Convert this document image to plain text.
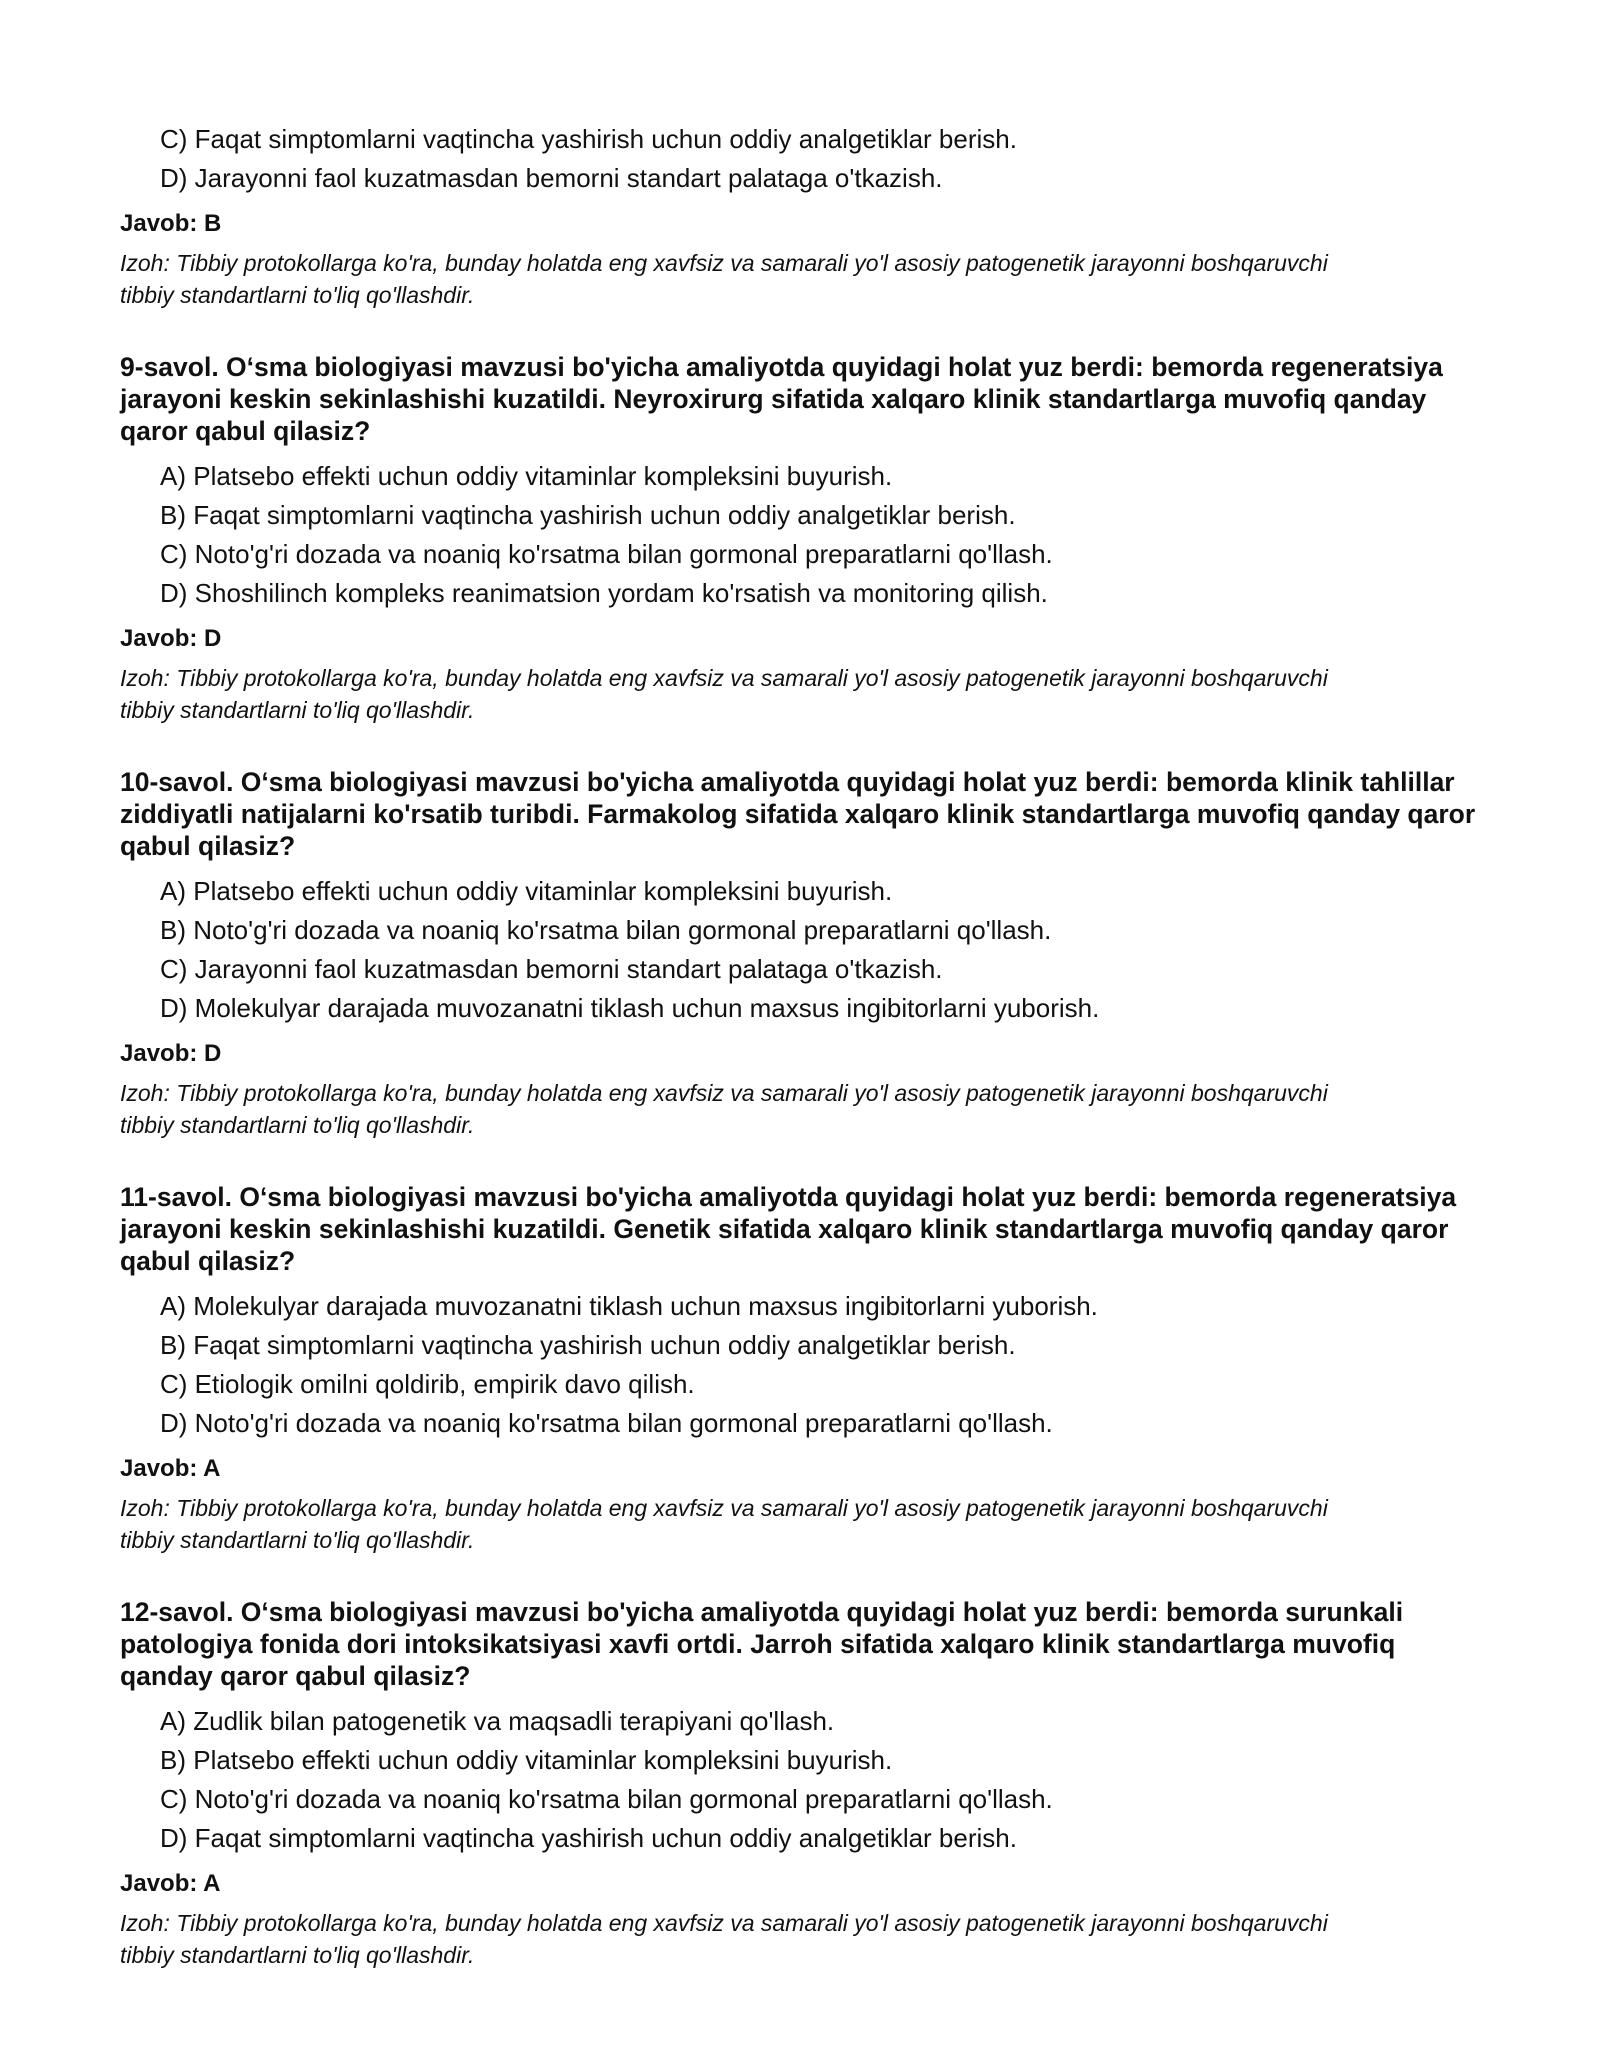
C) Faqat simptomlarni vaqtincha yashirish uchun oddiy analgetiklar berish.
D) Jarayonni faol kuzatmasdan bemorni standart palataga o'tkazish.
Javob: B
Izoh: Tibbiy protokollarga ko'ra, bunday holatda eng xavfsiz va samarali yo'l asosiy patogenetik jarayonni boshqaruvchi tibbiy standartlarni to'liq qo'llashdir.
9-savol. O‘sma biologiyasi mavzusi bo'yicha amaliyotda quyidagi holat yuz berdi: bemorda regeneratsiya jarayoni keskin sekinlashishi kuzatildi. Neyroxirurg sifatida xalqaro klinik standartlarga muvofiq qanday qaror qabul qilasiz?
A) Platsebo effekti uchun oddiy vitaminlar kompleksini buyurish.
B) Faqat simptomlarni vaqtincha yashirish uchun oddiy analgetiklar berish.
C) Noto'g'ri dozada va noaniq ko'rsatma bilan gormonal preparatlarni qo'llash.
D) Shoshilinch kompleks reanimatsion yordam ko'rsatish va monitoring qilish.
Javob: D
Izoh: Tibbiy protokollarga ko'ra, bunday holatda eng xavfsiz va samarali yo'l asosiy patogenetik jarayonni boshqaruvchi tibbiy standartlarni to'liq qo'llashdir.
10-savol. O‘sma biologiyasi mavzusi bo'yicha amaliyotda quyidagi holat yuz berdi: bemorda klinik tahlillar ziddiyatli natijalarni ko'rsatib turibdi. Farmakolog sifatida xalqaro klinik standartlarga muvofiq qanday qaror qabul qilasiz?
A) Platsebo effekti uchun oddiy vitaminlar kompleksini buyurish.
B) Noto'g'ri dozada va noaniq ko'rsatma bilan gormonal preparatlarni qo'llash.
C) Jarayonni faol kuzatmasdan bemorni standart palataga o'tkazish.
D) Molekulyar darajada muvozanatni tiklash uchun maxsus ingibitorlarni yuborish.
Javob: D
Izoh: Tibbiy protokollarga ko'ra, bunday holatda eng xavfsiz va samarali yo'l asosiy patogenetik jarayonni boshqaruvchi tibbiy standartlarni to'liq qo'llashdir.
11-savol. O‘sma biologiyasi mavzusi bo'yicha amaliyotda quyidagi holat yuz berdi: bemorda regeneratsiya jarayoni keskin sekinlashishi kuzatildi. Genetik sifatida xalqaro klinik standartlarga muvofiq qanday qaror qabul qilasiz?
A) Molekulyar darajada muvozanatni tiklash uchun maxsus ingibitorlarni yuborish.
B) Faqat simptomlarni vaqtincha yashirish uchun oddiy analgetiklar berish.
C) Etiologik omilni qoldirib, empirik davo qilish.
D) Noto'g'ri dozada va noaniq ko'rsatma bilan gormonal preparatlarni qo'llash.
Javob: A
Izoh: Tibbiy protokollarga ko'ra, bunday holatda eng xavfsiz va samarali yo'l asosiy patogenetik jarayonni boshqaruvchi tibbiy standartlarni to'liq qo'llashdir.
12-savol. O‘sma biologiyasi mavzusi bo'yicha amaliyotda quyidagi holat yuz berdi: bemorda surunkali patologiya fonida dori intoksikatsiyasi xavfi ortdi. Jarroh sifatida xalqaro klinik standartlarga muvofiq qanday qaror qabul qilasiz?
A) Zudlik bilan patogenetik va maqsadli terapiyani qo'llash.
B) Platsebo effekti uchun oddiy vitaminlar kompleksini buyurish.
C) Noto'g'ri dozada va noaniq ko'rsatma bilan gormonal preparatlarni qo'llash.
D) Faqat simptomlarni vaqtincha yashirish uchun oddiy analgetiklar berish.
Javob: A
Izoh: Tibbiy protokollarga ko'ra, bunday holatda eng xavfsiz va samarali yo'l asosiy patogenetik jarayonni boshqaruvchi tibbiy standartlarni to'liq qo'llashdir.
